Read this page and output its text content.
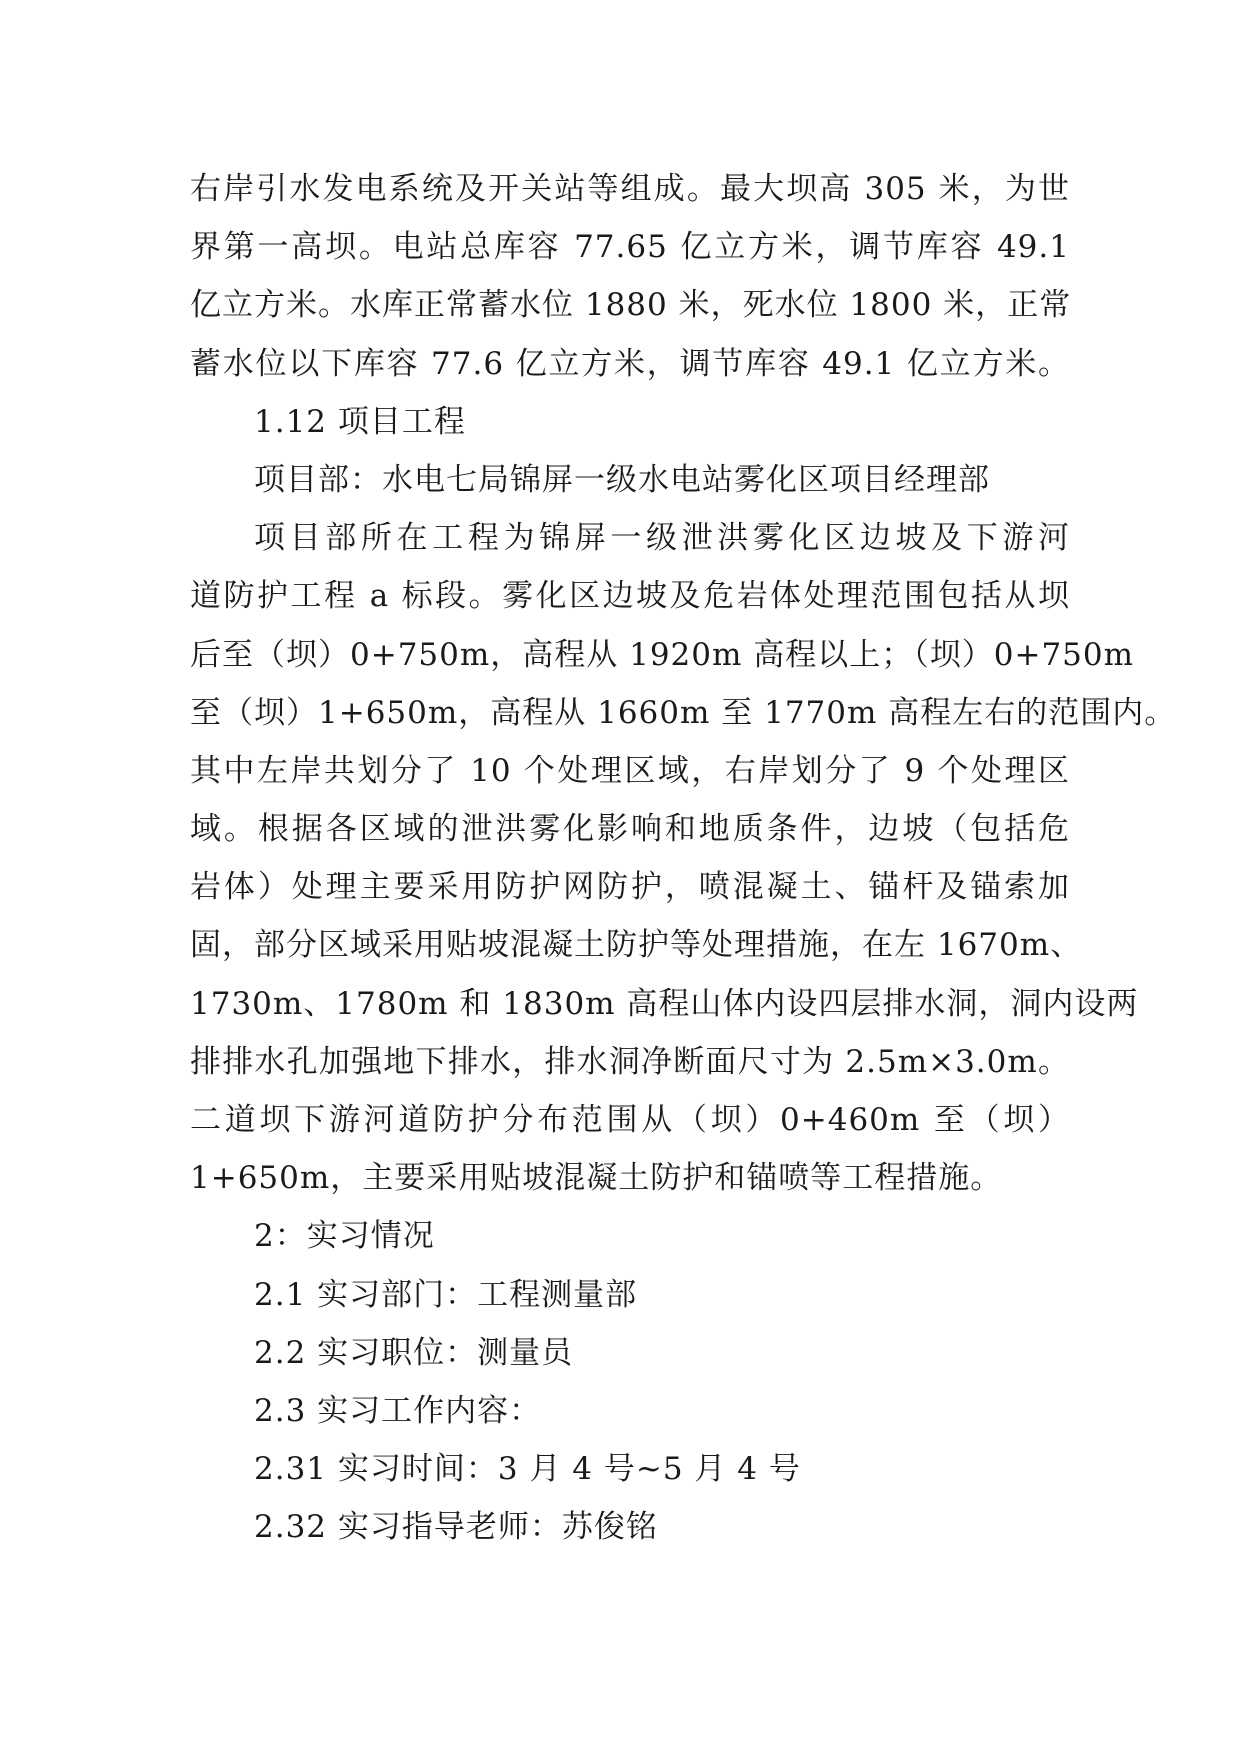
右岸引水发电系统及开关站等组成。最大坝高 305 米，为世
界第一高坝。电站总库容 77.65 亿立方米，调节库容 49.1
亿立方米。水库正常蓄水位 1880 米，死水位 1800 米，正常
蓄水位以下库容 77.6 亿立方米，调节库容 49.1 亿立方米。
1.12 项目工程
项目部：水电七局锦屏一级水电站雾化区项目经理部
项目部所在工程为锦屏一级泄洪雾化区边坡及下游河
道防护工程 a 标段。雾化区边坡及危岩体处理范围包括从坝
后至（坝）0+750m，高程从 1920m 高程以上；（坝）0+750m
至（坝）1+650m，高程从 1660m 至 1770m 高程左右的范围内。
其中左岸共划分了 10 个处理区域，右岸划分了 9 个处理区
域。根据各区域的泄洪雾化影响和地质条件，边坡（包括危
岩体）处理主要采用防护网防护，喷混凝土、锚杆及锚索加
固，部分区域采用贴坡混凝土防护等处理措施，在左 1670m、
1730m、1780m 和 1830m 高程山体内设四层排水洞，洞内设两
排排水孔加强地下排水，排水洞净断面尺寸为 2.5m×3.0m。
二道坝下游河道防护分布范围从（坝）0+460m 至（坝）
1+650m，主要采用贴坡混凝土防护和锚喷等工程措施。
2：实习情况
2.1 实习部门：工程测量部
2.2 实习职位：测量员
2.3 实习工作内容：
2.31 实习时间：3 月 4 号~5 月 4 号
2.32 实习指导老师：苏俊铭
